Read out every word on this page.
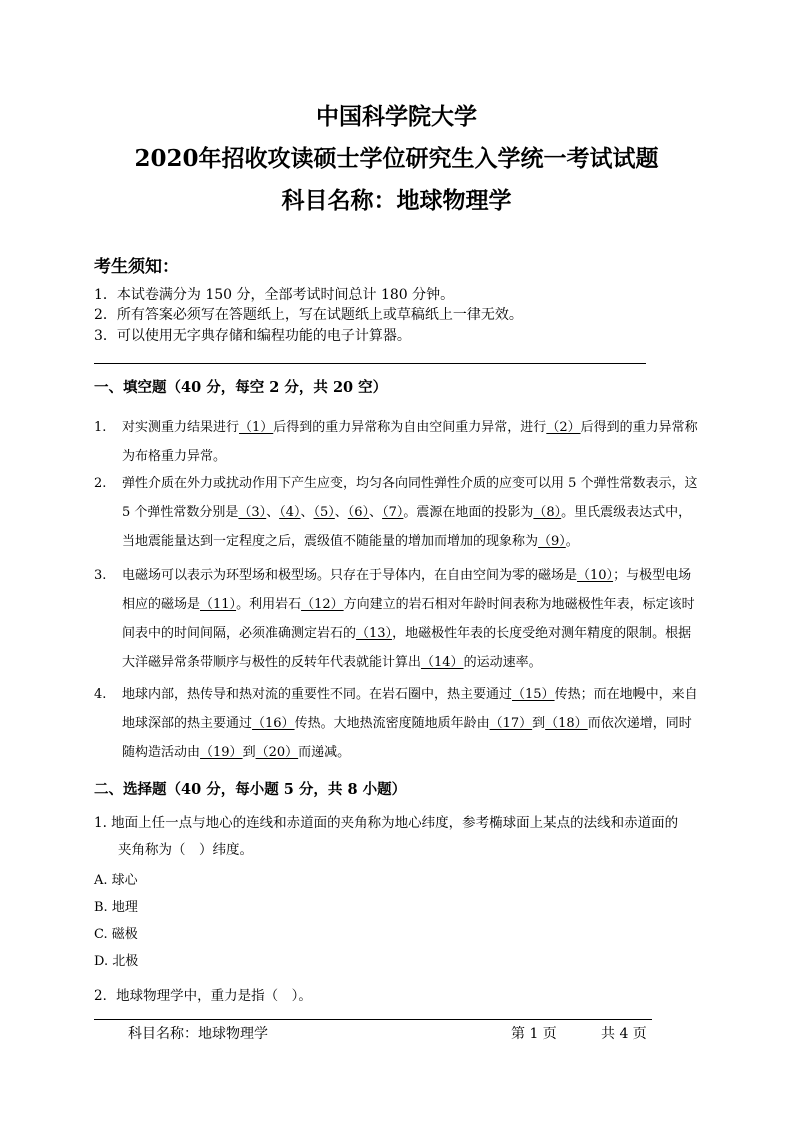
中国科学院大学
2020年招收攻读硕士学位研究生入学统一考试试题
科目名称：地球物理学
考生须知：
1．本试卷满分为 150 分，全部考试时间总计 180 分钟。
2．所有答案必须写在答题纸上，写在试题纸上或草稿纸上一律无效。
3．可以使用无字典存储和编程功能的电子计算器。
一、填空题（40 分，每空 2 分，共 20 空）
1.	对实测重力结果进行（1）后得到的重力异常称为自由空间重力异常，进行（2）后得到的重力异常称为布格重力异常。
2.	弹性介质在外力或扰动作用下产生应变，均匀各向同性弹性介质的应变可以用 5 个弹性常数表示，这 5 个弹性常数分别是（3）、（4）、（5）、（6）、（7）。震源在地面的投影为（8）。里氏震级表达式中，当地震能量达到一定程度之后，震级值不随能量的增加而增加的现象称为（9）。
3.	电磁场可以表示为环型场和极型场。只存在于导体内，在自由空间为零的磁场是（10）；与极型电场相应的磁场是（11）。利用岩石（12）方向建立的岩石相对年龄时间表称为地磁极性年表，标定该时间表中的时间间隔，必须准确测定岩石的（13），地磁极性年表的长度受绝对测年精度的限制。根据大洋磁异常条带顺序与极性的反转年代表就能计算出（14）的运动速率。
4.	地球内部，热传导和热对流的重要性不同。在岩石圈中，热主要通过（15）传热；而在地幔中，来自地球深部的热主要通过（16）传热。大地热流密度随地质年龄由（17）到（18）而依次递增，同时随构造活动由（19）到（20）而递减。
二、选择题（40 分，每小题 5 分，共 8 小题）
1. 地面上任一点与地心的连线和赤道面的夹角称为地心纬度，参考椭球面上某点的法线和赤道面的
夹角称为（　）纬度。
A. 球心
B. 地理
C. 磁极
D. 北极
2．地球物理学中，重力是指（　）。
科目名称：地球物理学	第 1 页	共 4 页
